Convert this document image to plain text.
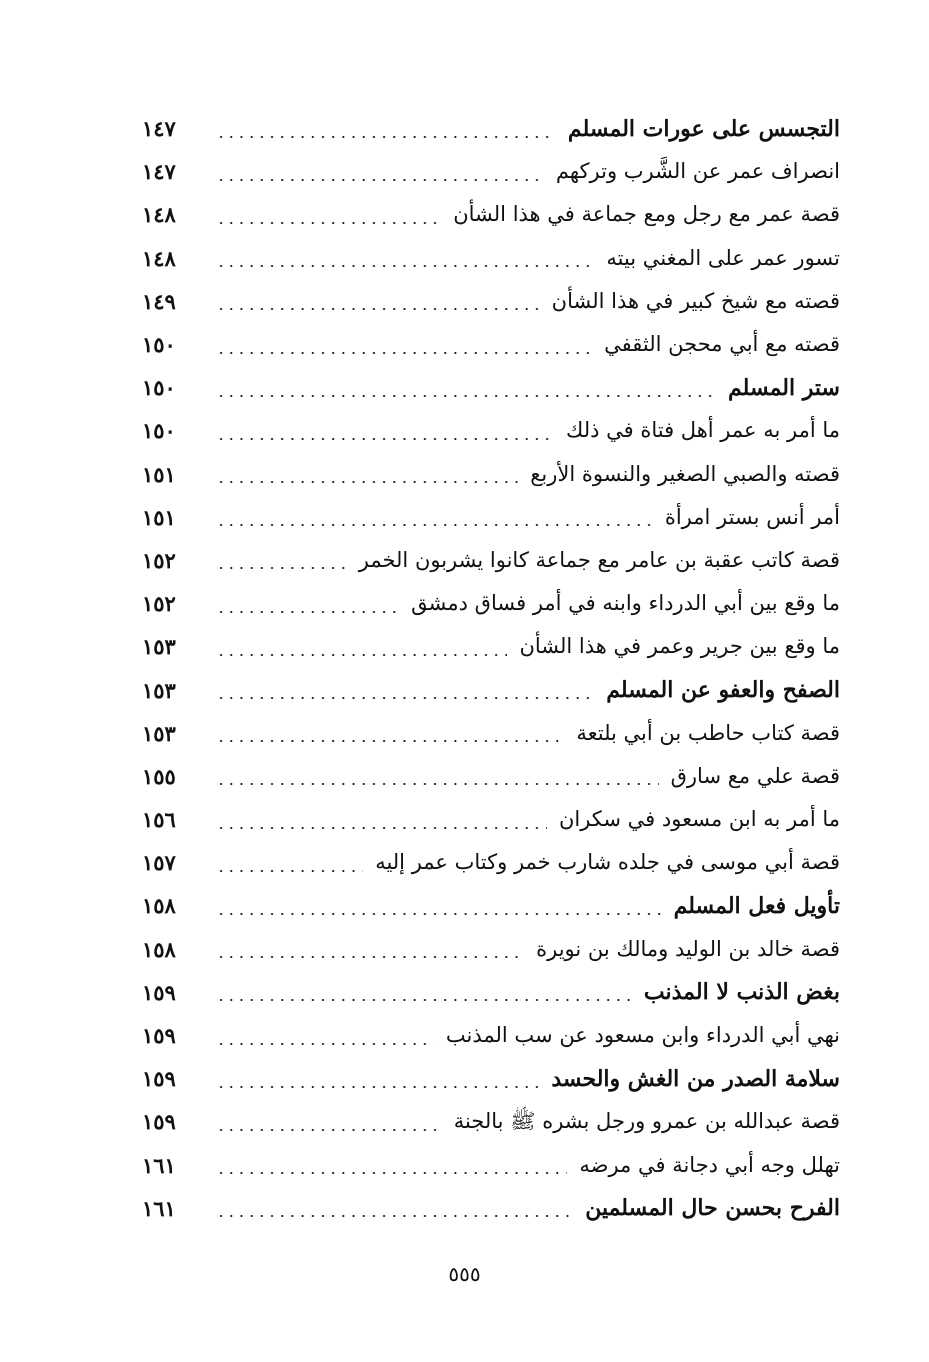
التجسس على عورات المسلم
١٤٧
انصراف عمر عن الشَّرب وتركهم
١٤٧
قصة عمر مع رجل ومع جماعة في هذا الشأن
١٤٨
تسور عمر على المغني بيته
١٤٨
قصته مع شيخ كبير في هذا الشأن
١٤٩
قصته مع أبي محجن الثقفي
١٥٠
ستر المسلم
١٥٠
ما أمر به عمر أهل فتاة في ذلك
١٥٠
قصته والصبي الصغير والنسوة الأربع
١٥١
أمر أنس بستر امرأة
١٥١
قصة كاتب عقبة بن عامر مع جماعة كانوا يشربون الخمر
١٥٢
ما وقع بين أبي الدرداء وابنه في أمر فساق دمشق
١٥٢
ما وقع بين جرير وعمر في هذا الشأن
١٥٣
الصفح والعفو عن المسلم
١٥٣
قصة كتاب حاطب بن أبي بلتعة
١٥٣
قصة علي مع سارق
١٥٥
ما أمر به ابن مسعود في سكران
١٥٦
قصة أبي موسى في جلده شارب خمر وكتاب عمر إليه
١٥٧
تأويل فعل المسلم
١٥٨
قصة خالد بن الوليد ومالك بن نويرة
١٥٨
بغض الذنب لا المذنب
١٥٩
نهي أبي الدرداء وابن مسعود عن سب المذنب
١٥٩
سلامة الصدر من الغش والحسد
١٥٩
قصة عبدالله بن عمرو ورجل بشره ﷺ بالجنة
١٥٩
تهلل وجه أبي دجانة في مرضه
١٦١
الفرح بحسن حال المسلمين
١٦١
٥٥٥
